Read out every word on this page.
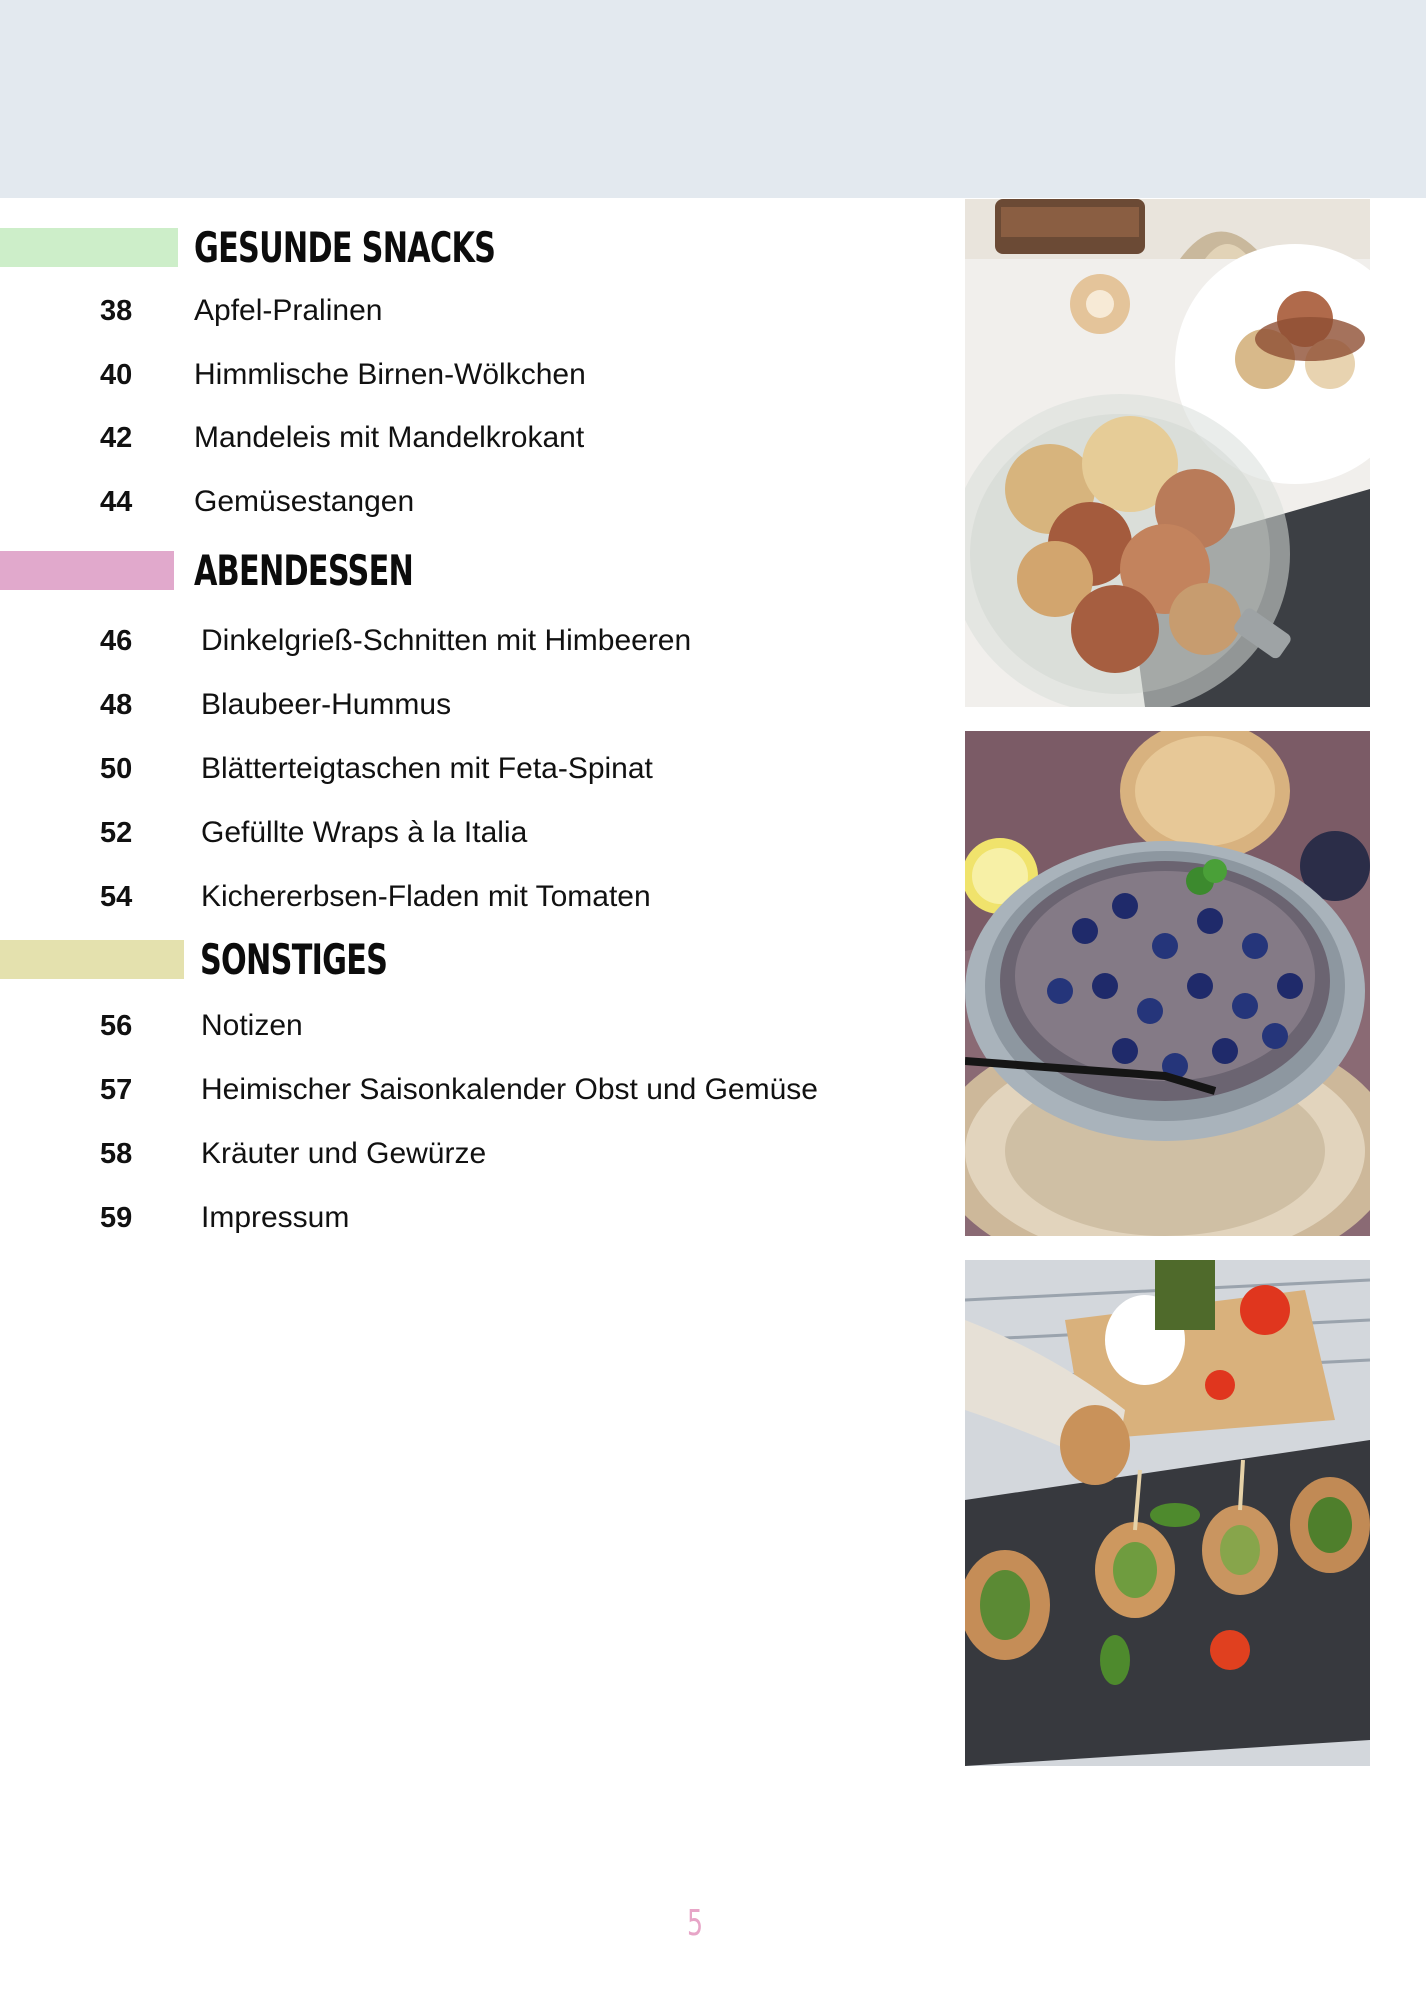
GESUNDE SNACKS
38	Apfel-Pralinen
40	Himmlische Birnen-Wölkchen
42	Mandeleis mit Mandelkrokant
44	Gemüsestangen
ABENDESSEN
46	Dinkelgrieß-Schnitten mit Himbeeren
48	Blaubeer-Hummus
50	Blätterteigtaschen mit Feta-Spinat
52	Gefüllte Wraps à la Italia
54	Kichererbsen-Fladen mit Tomaten
SONSTIGES
56	Notizen
57	Heimischer Saisonkalender Obst und Gemüse
58	Kräuter und Gewürze
59	Impressum
5
